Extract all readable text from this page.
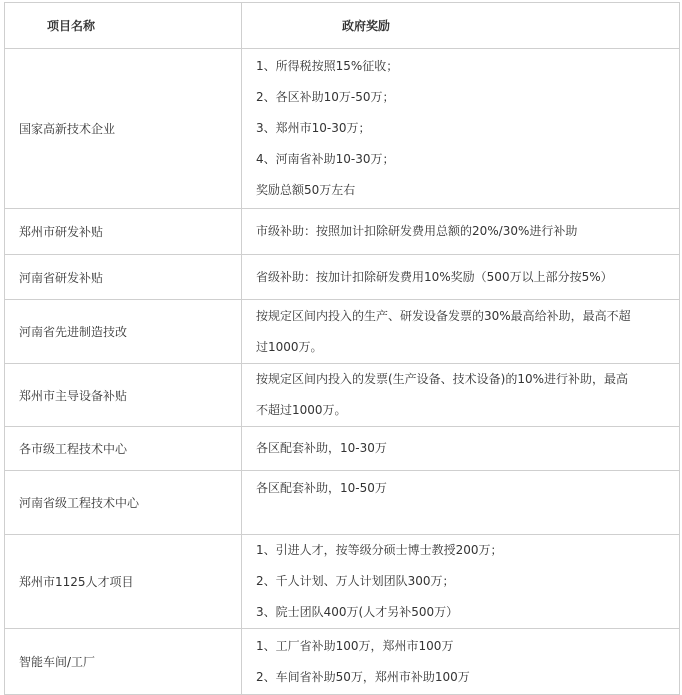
项目名称	政府奖励
国家高新技术企业	1、所得税按照15%征收；
2、各区补助10万-50万；
3、郑州市10-30万；
4、河南省补助10-30万；
奖励总额50万左右

郑州市研发补贴	市级补助：按照加计扣除研发费用总额的20%/30%进行补助

河南省研发补贴	省级补助：按加计扣除研发费用10%奖励（500万以上部分按5%）

河南省先进制造技改	按规定区间内投入的生产、研发设备发票的30%最高给补助，最高不超
过1000万。

郑州市主导设备补贴	按规定区间内投入的发票(生产设备、技术设备)的10%进行补助，最高
不超过1000万。

各市级工程技术中心	各区配套补助，10-30万

河南省级工程技术中心	各区配套补助，10-50万

郑州市1125人才项目	1、引进人才，按等级分硕士博士教授200万；
2、千人计划、万人计划团队300万；
3、院士团队400万(人才另补500万）

智能车间/工厂	1、工厂省补助100万，郑州市100万
2、车间省补助50万，郑州市补助100万
